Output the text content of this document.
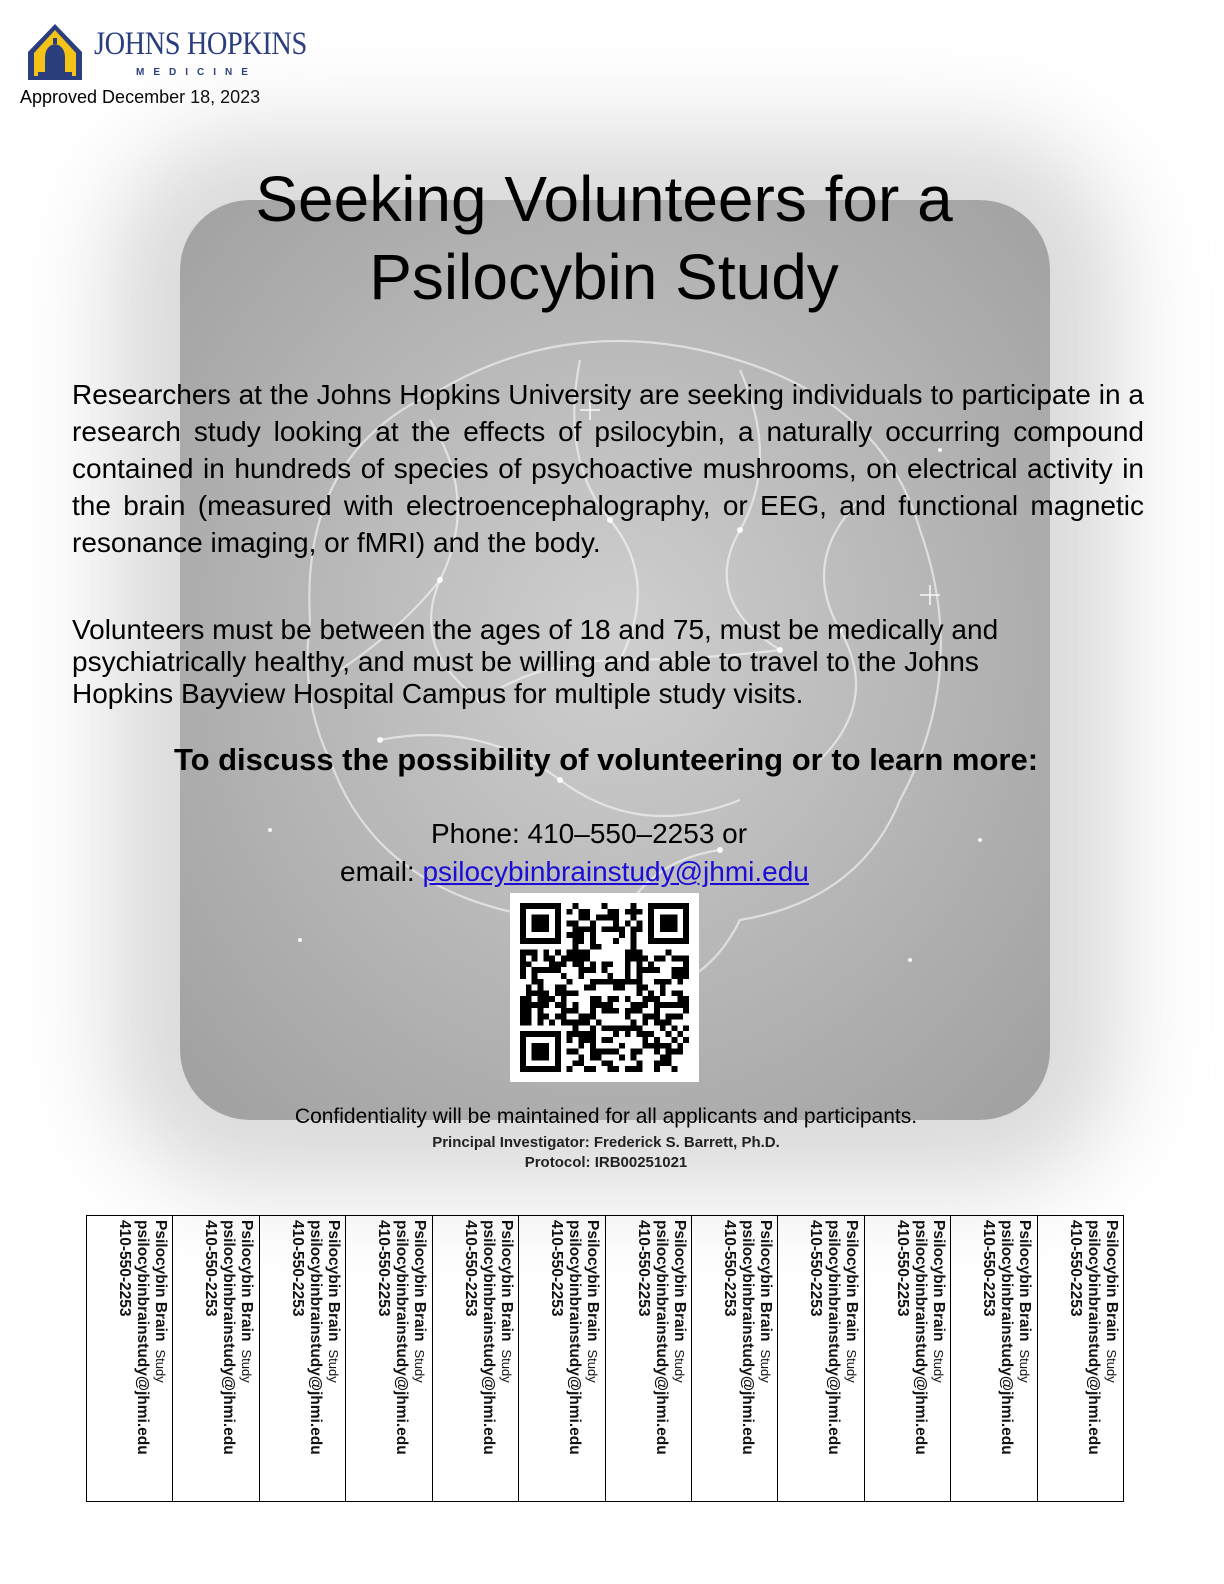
JOHNS HOPKINS
MEDICINE
Approved December 18, 2023
Seeking Volunteers for a
Psilocybin Study

Researchers at the Johns Hopkins University are seeking individuals to participate in a research study looking at the effects of psilocybin, a naturally occurring compound contained in hundreds of species of psychoactive mushrooms, on electrical activity in the brain (measured with electroencephalography, or EEG, and functional magnetic resonance imaging, or fMRI) and the body.

Volunteers must be between the ages of 18 and 75, must be medically and psychiatrically healthy, and must be willing and able to travel to the Johns Hopkins Bayview Hospital Campus for multiple study visits.

To discuss the possibility of volunteering or to learn more:

Phone: 410–550–2253 or
email: psilocybinbrainstudy@jhmi.edu
Confidentiality will be maintained for all applicants and participants.
Principal Investigator: Frederick S. Barrett, Ph.D.
Protocol: IRB00251021
Psilocybin BrainStudy
psilocybinbrainstudy@jhmi.edu
410-550-2253	Psilocybin BrainStudy
psilocybinbrainstudy@jhmi.edu
410-550-2253	Psilocybin BrainStudy
psilocybinbrainstudy@jhmi.edu
410-550-2253	Psilocybin BrainStudy
psilocybinbrainstudy@jhmi.edu
410-550-2253	Psilocybin BrainStudy
psilocybinbrainstudy@jhmi.edu
410-550-2253	Psilocybin BrainStudy
psilocybinbrainstudy@jhmi.edu
410-550-2253	Psilocybin BrainStudy
psilocybinbrainstudy@jhmi.edu
410-550-2253	Psilocybin BrainStudy
psilocybinbrainstudy@jhmi.edu
410-550-2253	Psilocybin BrainStudy
psilocybinbrainstudy@jhmi.edu
410-550-2253	Psilocybin BrainStudy
psilocybinbrainstudy@jhmi.edu
410-550-2253	Psilocybin BrainStudy
psilocybinbrainstudy@jhmi.edu
410-550-2253	Psilocybin BrainStudy
psilocybinbrainstudy@jhmi.edu
410-550-2253
